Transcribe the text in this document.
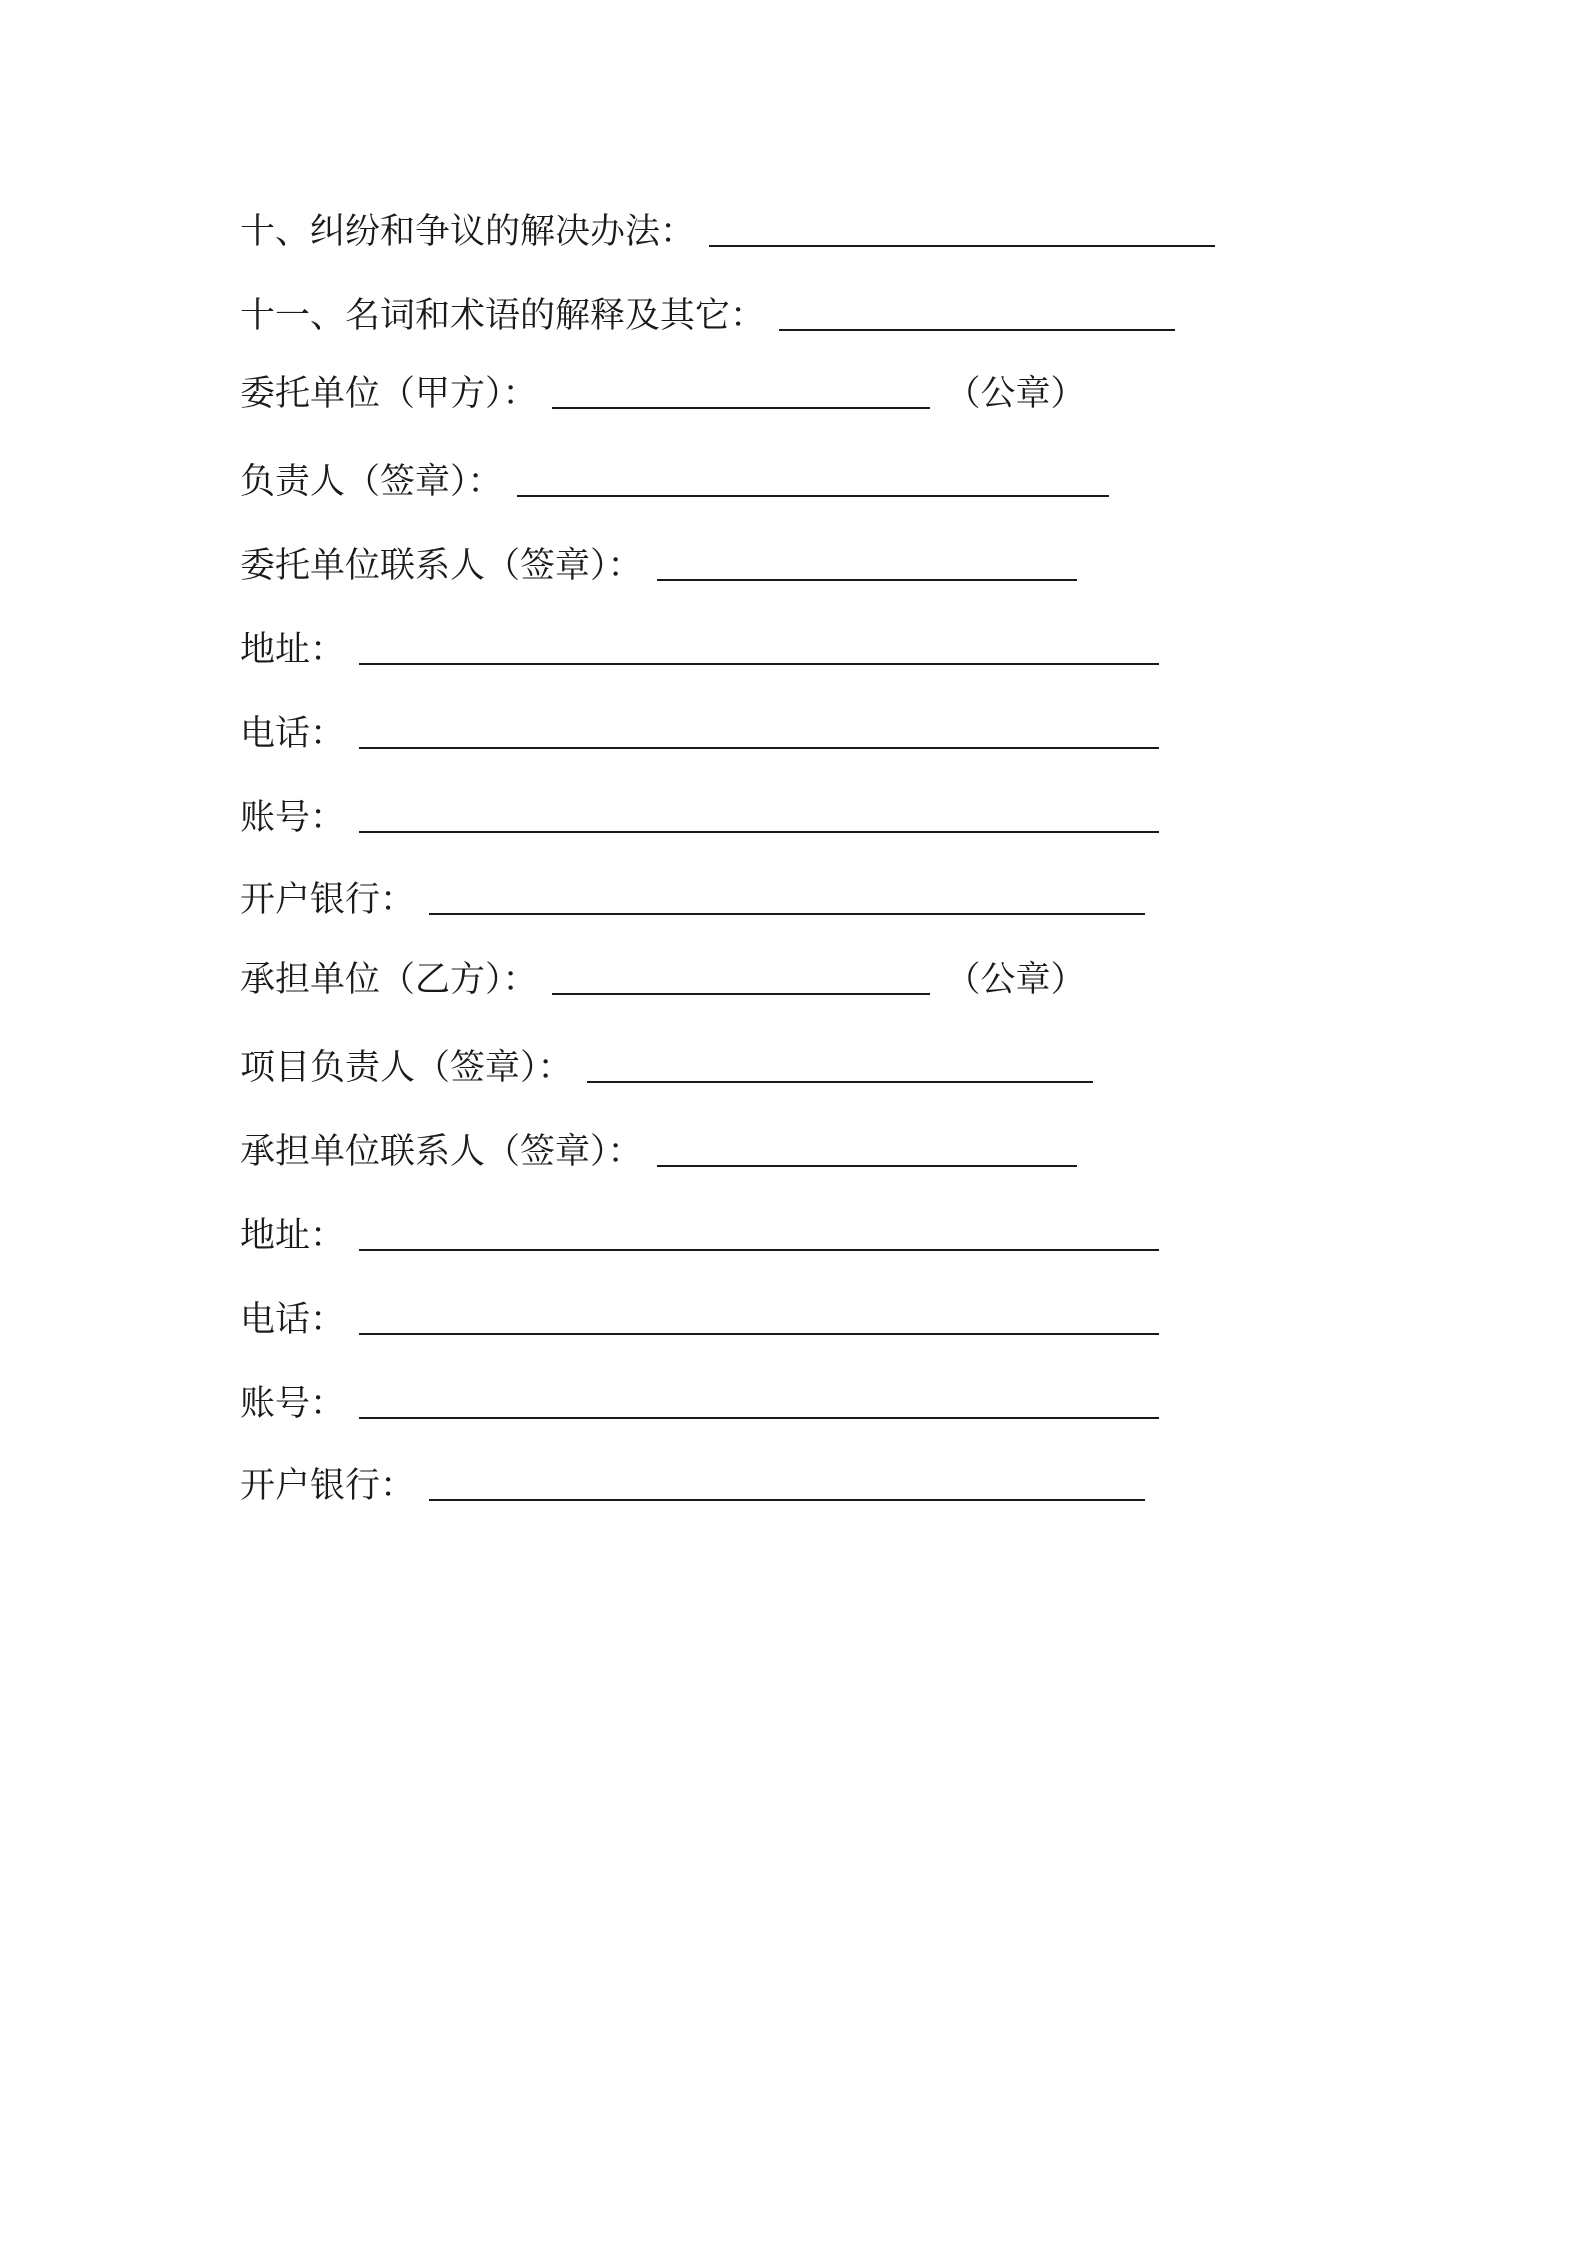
十、纠纷和争议的解决办法：
十一、名词和术语的解释及其它：
委托单位（甲方）：	（公章）
负责人（签章）：
委托单位联系人（签章）：
地址：
电话：
账号：
开户银行：
承担单位（乙方）：	（公章）
项目负责人（签章）：
承担单位联系人（签章）：
地址：
电话：
账号：
开户银行：
